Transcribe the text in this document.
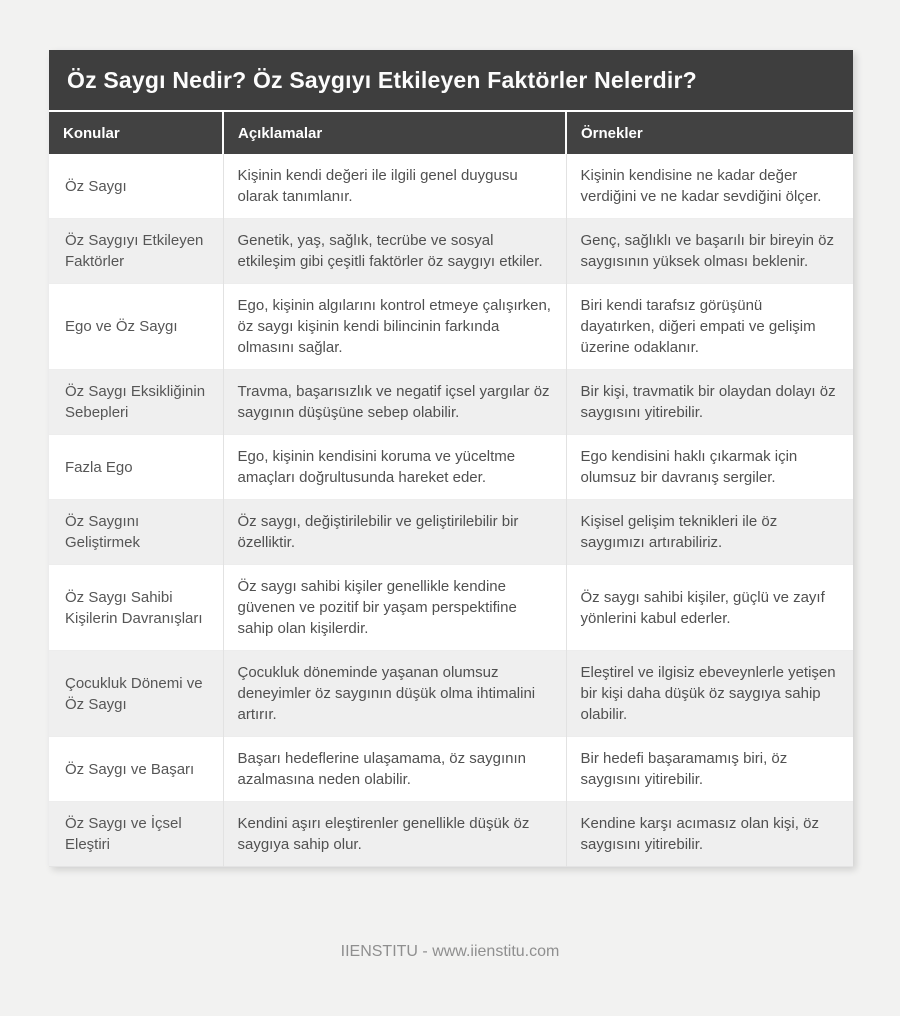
Öz Saygı Nedir? Öz Saygıyı Etkileyen Faktörler Nelerdir?
Konular	Açıklamalar	Örnekler
Öz Saygı	Kişinin kendi değeri ile ilgili genel duygusu olarak tanımlanır.	Kişinin kendisine ne kadar değer verdiğini ve ne kadar sevdiğini ölçer.
Öz Saygıyı Etkileyen Faktörler	Genetik, yaş, sağlık, tecrübe ve sosyal etkileşim gibi çeşitli faktörler öz saygıyı etkiler.	Genç, sağlıklı ve başarılı bir bireyin öz saygısının yüksek olması beklenir.
Ego ve Öz Saygı	Ego, kişinin algılarını kontrol etmeye çalışırken, öz saygı kişinin kendi bilincinin farkında olmasını sağlar.	Biri kendi tarafsız görüşünü dayatırken, diğeri empati ve gelişim üzerine odaklanır.
Öz Saygı Eksikliğinin Sebepleri	Travma, başarısızlık ve negatif içsel yargılar öz saygının düşüşüne sebep olabilir.	Bir kişi, travmatik bir olaydan dolayı öz saygısını yitirebilir.
Fazla Ego	Ego, kişinin kendisini koruma ve yüceltme amaçları doğrultusunda hareket eder.	Ego kendisini haklı çıkarmak için olumsuz bir davranış sergiler.
Öz Saygını Geliştirmek	Öz saygı, değiştirilebilir ve geliştirilebilir bir özelliktir.	Kişisel gelişim teknikleri ile öz saygımızı artırabiliriz.
Öz Saygı Sahibi Kişilerin Davranışları	Öz saygı sahibi kişiler genellikle kendine güvenen ve pozitif bir yaşam perspektifine sahip olan kişilerdir.	Öz saygı sahibi kişiler, güçlü ve zayıf yönlerini kabul ederler.
Çocukluk Dönemi ve Öz Saygı	Çocukluk döneminde yaşanan olumsuz deneyimler öz saygının düşük olma ihtimalini artırır.	Eleştirel ve ilgisiz ebeveynlerle yetişen bir kişi daha düşük öz saygıya sahip olabilir.
Öz Saygı ve Başarı	Başarı hedeflerine ulaşamama, öz saygının azalmasına neden olabilir.	Bir hedefi başaramamış biri, öz saygısını yitirebilir.
Öz Saygı ve İçsel Eleştiri	Kendini aşırı eleştirenler genellikle düşük öz saygıya sahip olur.	Kendine karşı acımasız olan kişi, öz saygısını yitirebilir.
IIENSTITU - www.iienstitu.com
